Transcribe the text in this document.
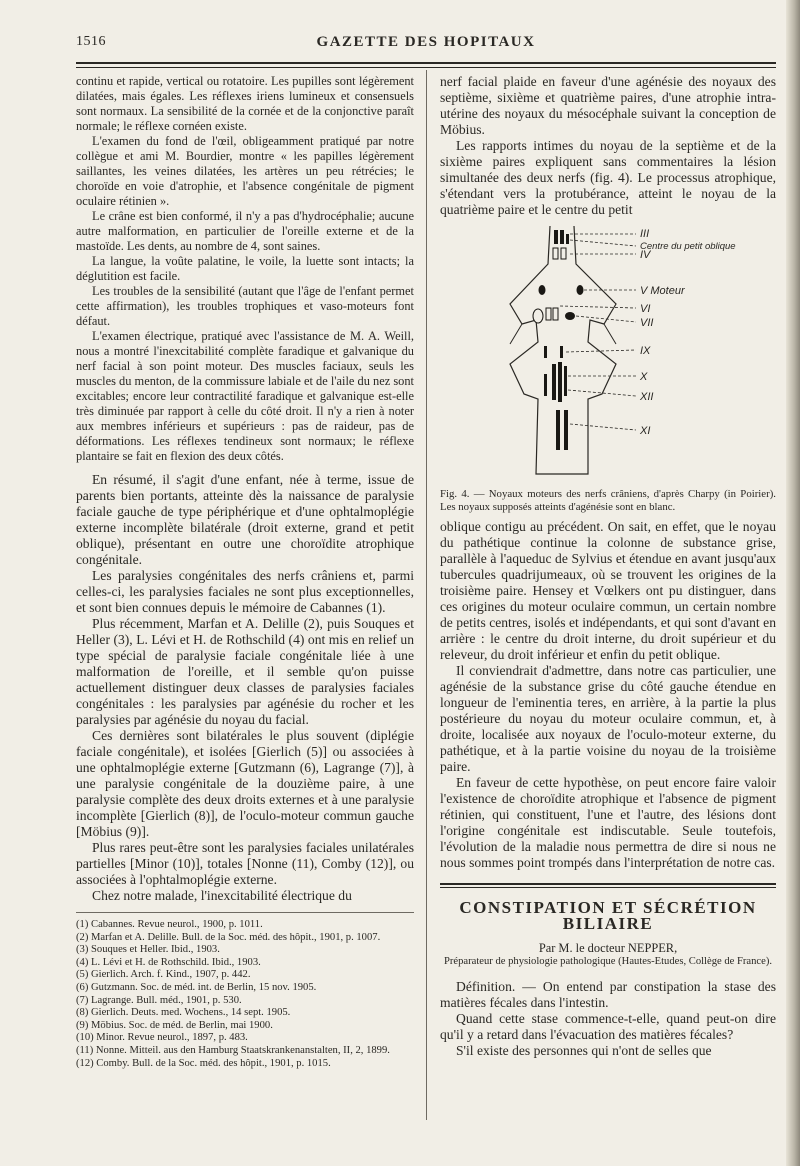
1516	GAZETTE DES HOPITAUX

continu et rapide, vertical ou rotatoire. Les pupilles sont légèrement dilatées, mais égales. Les réflexes iriens lumineux et consensuels sont normaux. La sensibilité de la cornée et de la conjonctive paraît normale; le réflexe cornéen existe.

L'examen du fond de l'œil, obligeamment pratiqué par notre collègue et ami M. Bourdier, montre « les papilles légèrement saillantes, les veines dilatées, les artères un peu rétrécies; le choroïde en voie d'atrophie, et l'absence congénitale de pigment oculaire rétinien ».

Le crâne est bien conformé, il n'y a pas d'hydrocéphalie; aucune autre malformation, en particulier de l'oreille externe et de la mastoïde. Les dents, au nombre de 4, sont saines.

La langue, la voûte palatine, le voile, la luette sont intacts; la déglutition est facile.

Les troubles de la sensibilité (autant que l'âge de l'enfant permet cette affirmation), les troubles trophiques et vaso-moteurs font défaut.

L'examen électrique, pratiqué avec l'assistance de M. A. Weill, nous a montré l'inexcitabilité complète faradique et galvanique du nerf facial à son point moteur. Des muscles faciaux, seuls les muscles du menton, de la commissure labiale et de l'aile du nez sont excitables; encore leur contractilité faradique et galvanique est-elle très diminuée par rapport à celle du côté droit. Il n'y a rien à noter aux membres inférieurs et supérieurs : pas de raideur, pas de déformations. Les réflexes tendineux sont normaux; le réflexe plantaire se fait en flexion des deux côtés.

En résumé, il s'agit d'une enfant, née à terme, issue de parents bien portants, atteinte dès la naissance de paralysie faciale gauche de type périphérique et d'une ophtalmoplégie externe incomplète bilatérale (droit externe, grand et petit oblique), présentant en outre une choroïdite atrophique congénitale.

Les paralysies congénitales des nerfs crâniens et, parmi celles-ci, les paralysies faciales ne sont plus exceptionnelles, et sont bien connues depuis le mémoire de Cabannes (1).

Plus récemment, Marfan et A. Delille (2), puis Souques et Heller (3), L. Lévi et H. de Rothschild (4) ont mis en relief un type spécial de paralysie faciale congénitale liée à une malformation de l'oreille, et il semble qu'on puisse actuellement distinguer deux classes de paralysies faciales congénitales : les paralysies par agénésie du rocher et les paralysies par agénésie du noyau du facial.

Ces dernières sont bilatérales le plus souvent (diplégie faciale congénitale), et isolées [Gierlich (5)] ou associées à une ophtalmoplégie externe [Gutzmann (6), Lagrange (7)], à une paralysie congénitale de la douzième paire, à une paralysie complète des deux droits externes et à une paralysie incomplète [Gierlich (8)], de l'oculo-moteur commun gauche [Möbius (9)].

Plus rares peut-être sont les paralysies faciales unilatérales partielles [Minor (10)], totales [Nonne (11), Comby (12)], ou associées à l'ophtalmoplégie externe.

Chez notre malade, l'inexcitabilité électrique du

(1) Cabannes. Revue neurol., 1900, p. 1011.
(2) Marfan et A. Delille. Bull. de la Soc. méd. des hôpit., 1901, p. 1007.
(3) Souques et Heller. Ibid., 1903.
(4) L. Lévi et H. de Rothschild. Ibid., 1903.
(5) Gierlich. Arch. f. Kind., 1907, p. 442.
(6) Gutzmann. Soc. de méd. int. de Berlin, 15 nov. 1905.
(7) Lagrange. Bull. méd., 1901, p. 530.
(8) Gierlich. Deuts. med. Wochens., 14 sept. 1905.
(9) Möbius. Soc. de méd. de Berlin, mai 1900.
(10) Minor. Revue neurol., 1897, p. 483.
(11) Nonne. Mitteil. aus den Hamburg Staatskrankenanstalten, II, 2, 1899.
(12) Comby. Bull. de la Soc. méd. des hôpit., 1901, p. 1015.

nerf facial plaide en faveur d'une agénésie des noyaux des septième, sixième et quatrième paires, d'une atrophie intra-utérine des noyaux du mésocéphale suivant la conception de Möbius.

Les rapports intimes du noyau de la septième et de la sixième paires expliquent sans commentaires la lésion simultanée des deux nerfs (fig. 4). Le processus atrophique, s'étendant vers la protubérance, atteint le noyau de la quatrième paire et le centre du petit

III
Centre du petit oblique
IV
V Moteur
VI
VII
IX
X
XII
XI

Fig. 4. — Noyaux moteurs des nerfs crâniens, d'après Charpy (in Poirier). Les noyaux supposés atteints d'agénésie sont en blanc.

oblique contigu au précédent. On sait, en effet, que le noyau du pathétique continue la colonne de substance grise, parallèle à l'aqueduc de Sylvius et étendue en avant jusqu'aux tubercules quadrijumeaux, où se trouvent les origines de la troisième paire. Hensey et Vœlkers ont pu distinguer, dans ces origines du moteur oculaire commun, un certain nombre de petits centres, isolés et indépendants, et qui sont d'avant en arrière : le centre du droit interne, du droit supérieur et du releveur, du droit inférieur et enfin du petit oblique.

Il conviendrait d'admettre, dans notre cas particulier, une agénésie de la substance grise du côté gauche étendue en longueur de l'eminentia teres, en arrière, à la partie la plus postérieure du noyau du moteur oculaire commun, et, à droite, localisée aux noyaux de l'oculo-moteur externe, du pathétique, et à la partie voisine du noyau de la troisième paire.

En faveur de cette hypothèse, on peut encore faire valoir l'existence de choroïdite atrophique et l'absence de pigment rétinien, qui constituent, l'une et l'autre, des lésions dont l'origine congénitale est indiscutable. Seule toutefois, l'évolution de la maladie nous permettra de dire si nous ne nous sommes point trompés dans l'interprétation de notre cas.

CONSTIPATION ET SÉCRÉTION BILIAIRE

Par M. le docteur NEPPER,

Préparateur de physiologie pathologique (Hautes-Etudes, Collège de France).

Définition. — On entend par constipation la stase des matières fécales dans l'intestin.

Quand cette stase commence-t-elle, quand peut-on dire qu'il y a retard dans l'évacuation des matières fécales?

S'il existe des personnes qui n'ont de selles que
